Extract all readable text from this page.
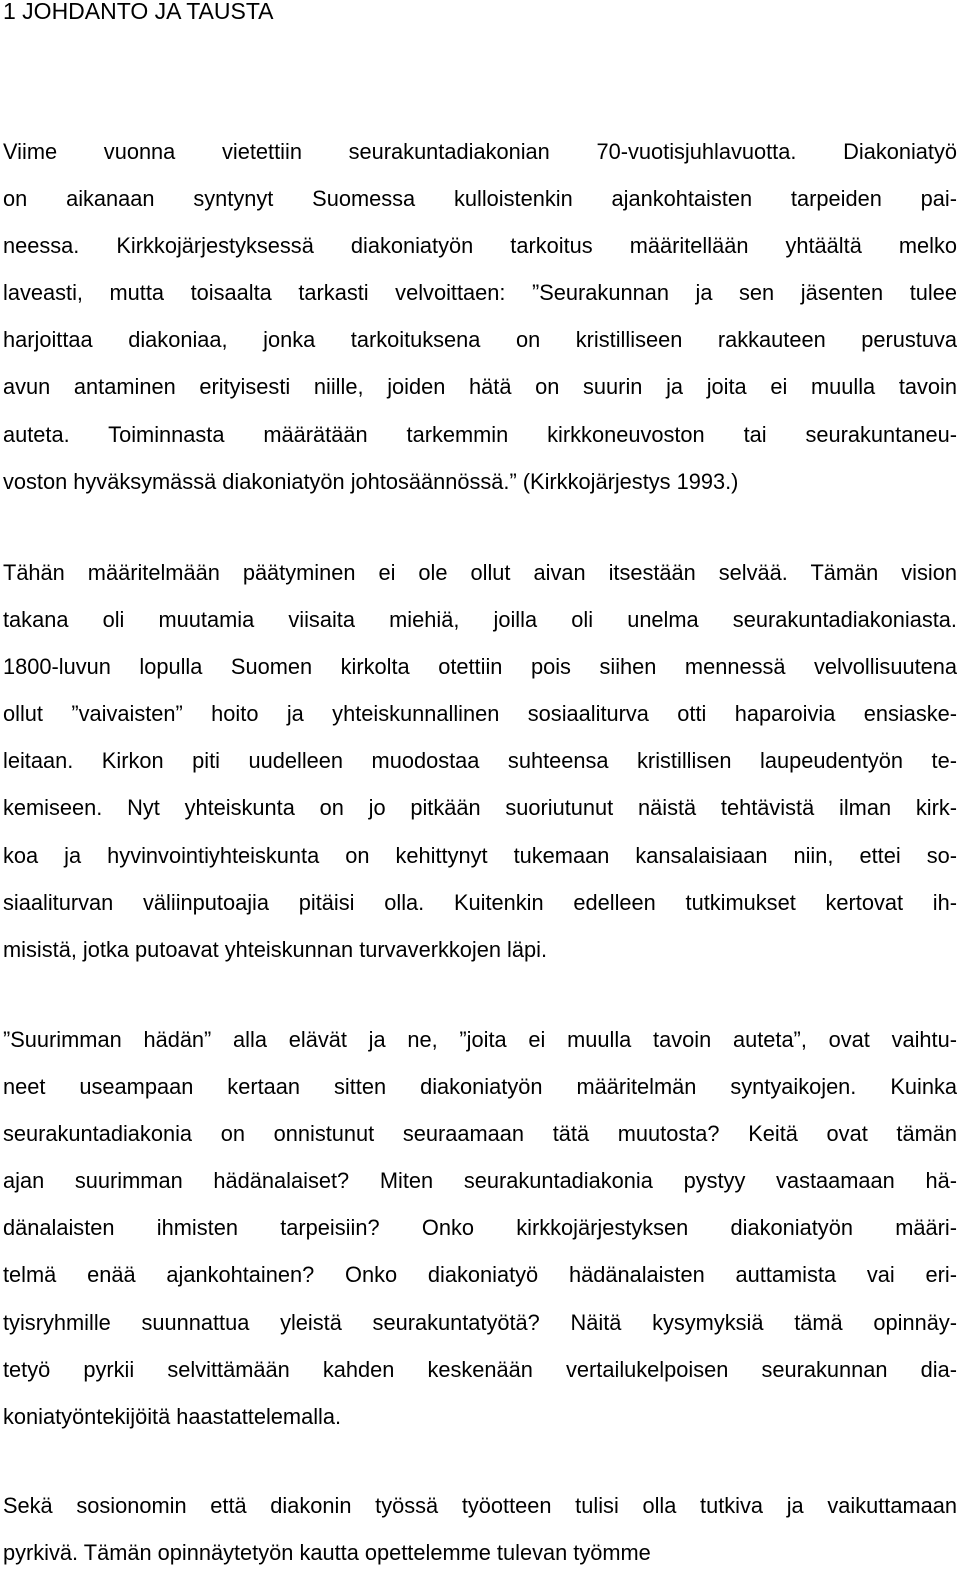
1 JOHDANTO JA TAUSTA
Viime vuonna vietettiin seurakuntadiakonian 70-vuotisjuhlavuotta. Diakoniatyö
on aikanaan syntynyt Suomessa kulloistenkin ajankohtaisten tarpeiden pai-
neessa. Kirkkojärjestyksessä diakoniatyön tarkoitus määritellään yhtäältä melko
laveasti, mutta toisaalta tarkasti velvoittaen: ”Seurakunnan ja sen jäsenten tulee
harjoittaa diakoniaa, jonka tarkoituksena on kristilliseen rakkauteen perustuva
avun antaminen erityisesti niille, joiden hätä on suurin ja joita ei muulla tavoin
auteta. Toiminnasta määrätään tarkemmin kirkkoneuvoston tai seurakuntaneu-
voston hyväksymässä diakoniatyön johtosäännössä.” (Kirkkojärjestys 1993.)
Tähän määritelmään päätyminen ei ole ollut aivan itsestään selvää. Tämän vision
takana oli muutamia viisaita miehiä, joilla oli unelma seurakuntadiakoniasta.
1800-luvun lopulla Suomen kirkolta otettiin pois siihen mennessä velvollisuutena
ollut ”vaivaisten” hoito ja yhteiskunnallinen sosiaaliturva otti haparoivia ensiaske-
leitaan. Kirkon piti uudelleen muodostaa suhteensa kristillisen laupeudentyön te-
kemiseen. Nyt yhteiskunta on jo pitkään suoriutunut näistä tehtävistä ilman kirk-
koa ja hyvinvointiyhteiskunta on kehittynyt tukemaan kansalaisiaan niin, ettei so-
siaaliturvan väliinputoajia pitäisi olla. Kuitenkin edelleen tutkimukset kertovat ih-
misistä, jotka putoavat yhteiskunnan turvaverkkojen läpi.
”Suurimman hädän” alla elävät ja ne, ”joita ei muulla tavoin auteta”, ovat vaihtu-
neet useampaan kertaan sitten diakoniatyön määritelmän syntyaikojen. Kuinka
seurakuntadiakonia on onnistunut seuraamaan tätä muutosta? Keitä ovat tämän
ajan suurimman hädänalaiset? Miten seurakuntadiakonia pystyy vastaamaan hä-
dänalaisten ihmisten tarpeisiin? Onko kirkkojärjestyksen diakoniatyön määri-
telmä enää ajankohtainen? Onko diakoniatyö hädänalaisten auttamista vai eri-
tyisryhmille suunnattua yleistä seurakuntatyötä? Näitä kysymyksiä tämä opinnäy-
tetyö pyrkii selvittämään kahden keskenään vertailukelpoisen seurakunnan dia-
koniatyöntekijöitä haastattelemalla.
Sekä sosionomin että diakonin työssä työotteen tulisi olla tutkiva ja vaikuttamaan
pyrkivä. Tämän opinnäytetyön kautta opettelemme tulevan työmme
